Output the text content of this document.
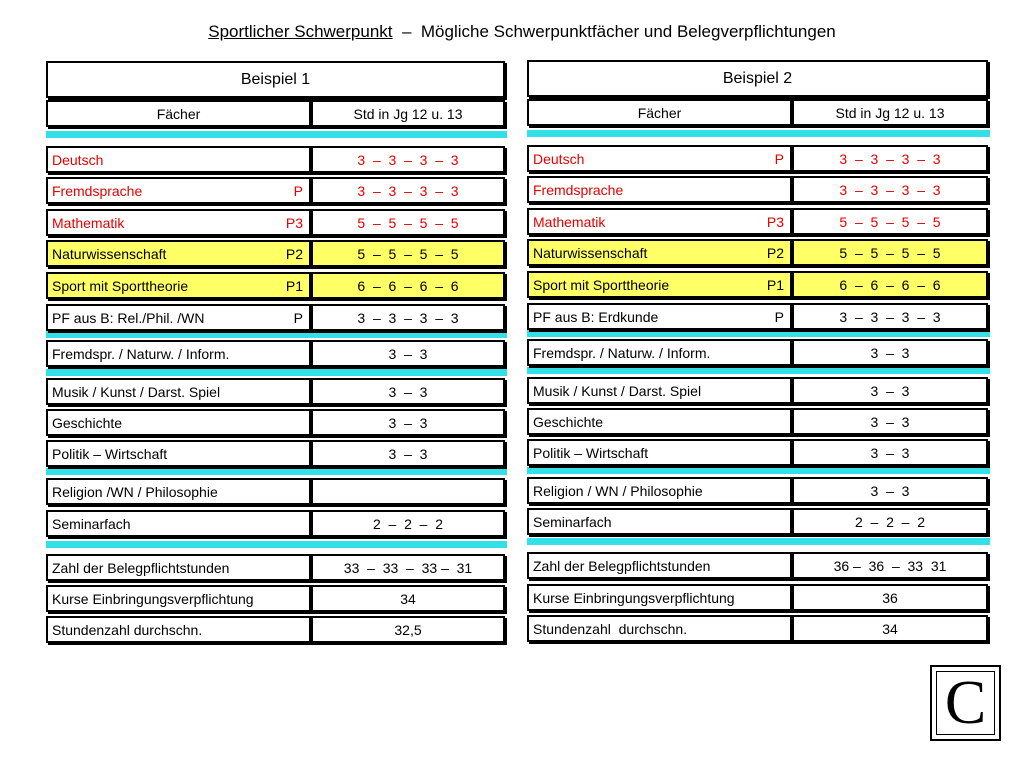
Sportlicher Schwerpunkt  –  Mögliche Schwerpunktfächer und Belegverpflichtungen
Beispiel 1
Fächer	Std in Jg 12 u. 13
Deutsch	3  –  3  –  3  –  3
Fremdsprache	P	3  –  3  –  3  –  3
Mathematik	P3	5  –  5  –  5  –  5
Naturwissenschaft	P2	5  –  5  –  5  –  5
Sport mit Sporttheorie	P1	6  –  6  –  6  –  6
PF aus B: Rel./Phil. /WN	P	3  –  3  –  3  –  3
Fremdspr. / Naturw. / Inform.	3  –  3
Musik / Kunst / Darst. Spiel	3  –  3
Geschichte	3  –  3
Politik – Wirtschaft	3  –  3
Religion /WN / Philosophie
Seminarfach	2  –  2  –  2
Zahl der Belegpflichtstunden	33  –  33  –  33 –  31
Kurse Einbringungsverpflichtung	34
Stundenzahl durchschn.	32,5
Beispiel 2
Fächer	Std in Jg 12 u. 13
Deutsch	P	3  –  3  –  3  –  3
Fremdsprache	3  –  3  –  3  –  3
Mathematik	P3	5  –  5  –  5  –  5
Naturwissenschaft	P2	5  –  5  –  5  –  5
Sport mit Sporttheorie	P1	6  –  6  –  6  –  6
PF aus B: Erdkunde	P	3  –  3  –  3  –  3
Fremdspr. / Naturw. / Inform.	3  –  3
Musik / Kunst / Darst. Spiel	3  –  3
Geschichte	3  –  3
Politik – Wirtschaft	3  –  3
Religion / WN / Philosophie	3  –  3
Seminarfach	2  –  2  –  2
Zahl der Belegpflichtstunden	36 –  36  –  33  31
Kurse Einbringungsverpflichtung	36
Stundenzahl  durchschn.	34
C
